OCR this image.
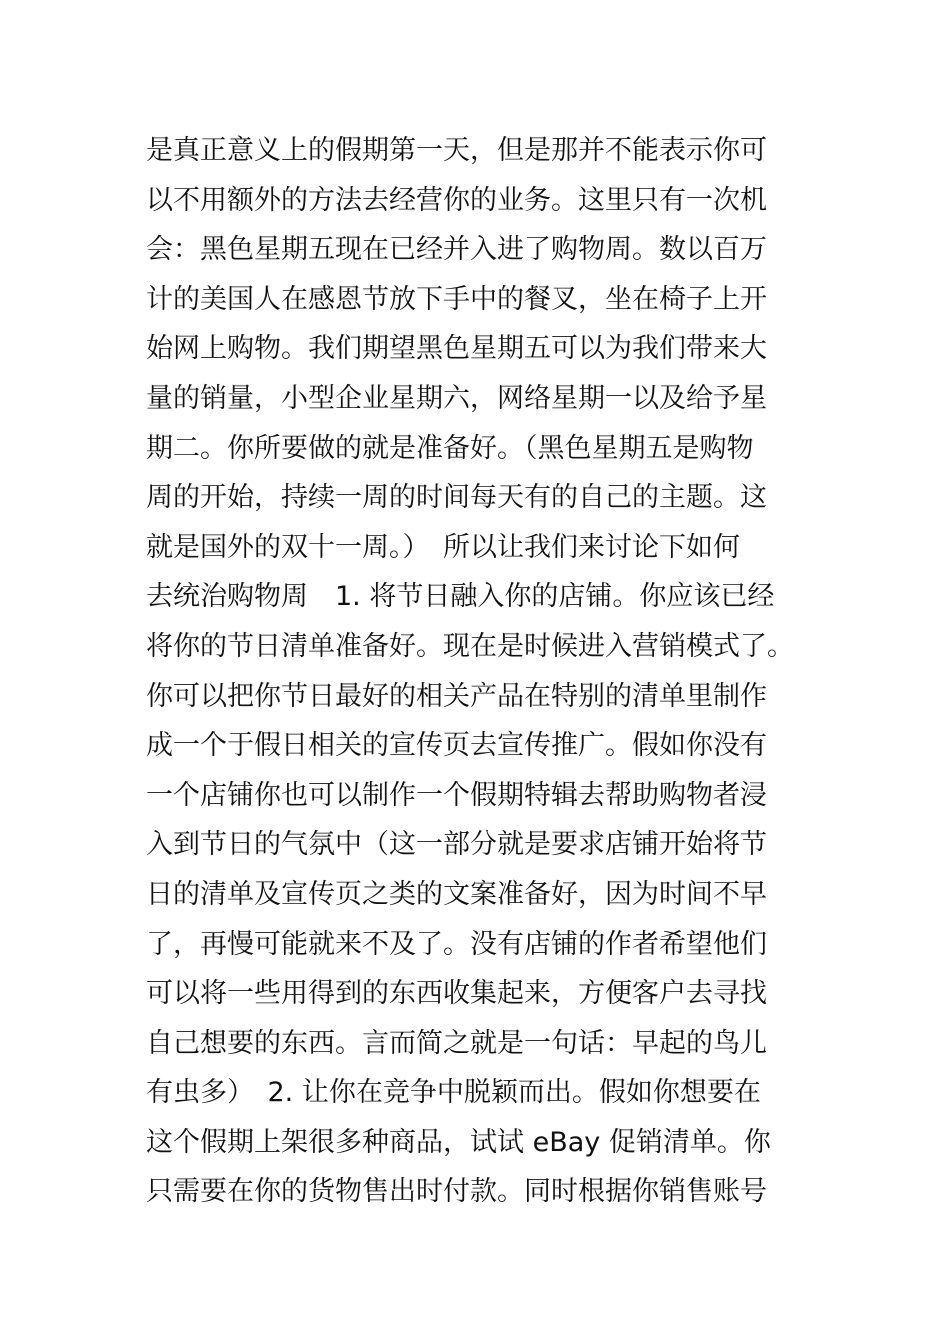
是真正意义上的假期第一天，但是那并不能表示你可
以不用额外的方法去经营你的业务。这里只有一次机
会：黑色星期五现在已经并入进了购物周。数以百万
计的美国人在感恩节放下手中的餐叉，坐在椅子上开
始网上购物。我们期望黑色星期五可以为我们带来大
量的销量，小型企业星期六，网络星期一以及给予星
期二。你所要做的就是准备好。（黑色星期五是购物
周的开始，持续一周的时间每天有的自己的主题。这
就是国外的双十一周。）　所以让我们来讨论下如何
去统治购物周　1. 将节日融入你的店铺。你应该已经
将你的节日清单准备好。现在是时候进入营销模式了。
你可以把你节日最好的相关产品在特别的清单里制作
成一个于假日相关的宣传页去宣传推广。假如你没有
一个店铺你也可以制作一个假期特辑去帮助购物者浸
入到节日的气氛中（这一部分就是要求店铺开始将节
日的清单及宣传页之类的文案准备好，因为时间不早
了，再慢可能就来不及了。没有店铺的作者希望他们
可以将一些用得到的东西收集起来，方便客户去寻找
自己想要的东西。言而简之就是一句话：早起的鸟儿
有虫多）　2. 让你在竞争中脱颖而出。假如你想要在
这个假期上架很多种商品，试试 eBay 促销清单。你
只需要在你的货物售出时付款。同时根据你销售账号
